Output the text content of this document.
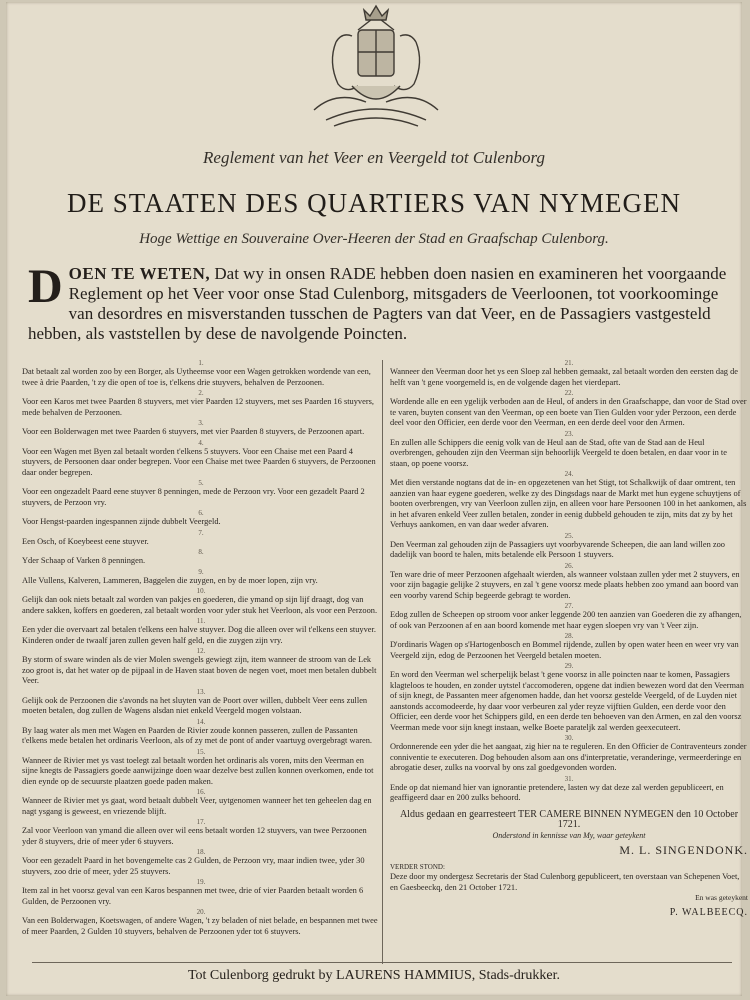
Reglement van het Veer en Veergeld tot Culenborg
DE STAATEN DES QUARTIERS VAN NYMEGEN
Hoge Wettige en Souveraine Over-Heeren der Stad en Graafschap Culenborg.
D OEN TE WETEN, Dat wy in onsen RADE hebben doen nasien en examineren het voorgaande Reglement op het Veer voor onse Stad Culenborg, mitsgaders de Veerloonen, tot voorkoominge van desordres en misverstanden tusschen de Pagters van dat Veer, en de Passagiers vastgesteld hebben, als vaststellen by dese de navolgende Poincten.
1.
Dat betaalt zal worden zoo by een Borger, als Uytheemse voor een Wagen getrokken wordende van een, twee à drie Paarden, 't zy die open of toe is, t'elkens drie stuyvers, behalven de Perzoonen.
2.
Voor een Karos met twee Paarden 8 stuyvers, met vier Paarden 12 stuyvers, met ses Paarden 16 stuyvers, mede behalven de Perzoonen.
3.
Voor een Bolderwagen met twee Paarden 6 stuyvers, met vier Paarden 8 stuyvers, de Perzoonen apart.
4.
Voor een Wagen met Byen zal betaalt worden t'elkens 5 stuyvers. Voor een Chaise met een Paard 4 stuyvers, de Persoonen daar onder begrepen. Voor een Chaise met twee Paarden 6 stuyvers, de Perzoonen daar onder begrepen.
5.
Voor een ongezadelt Paard eene stuyver 8 penningen, mede de Perzoon vry. Voor een gezadelt Paard 2 stuyvers, de Perzoon vry.
6.
Voor Hengst-paarden ingespannen zijnde dubbelt Veergeld.
7.
Een Osch, of Koeybeest eene stuyver.
8.
Yder Schaap of Varken 8 penningen.
9.
Alle Vullens, Kalveren, Lammeren, Baggelen die zuygen, en by de moer lopen, zijn vry.
10.
Gelijk dan ook niets betaalt zal worden van pakjes en goederen, die ymand op sijn lijf draagt, dog van andere sakken, koffers en goederen, zal betaalt worden voor yder stuk het Veerloon, als voor een Perzoon.
11.
Een yder die overvaart zal betalen t'elkens een halve stuyver. Dog die alleen over wil t'elkens een stuyver. Kinderen onder de twaalf jaren zullen geven half geld, en die zuygen zijn vry.
12.
By storm of sware winden als de vier Molen swengels gewiegt zijn, item wanneer de stroom van de Lek zoo groot is, dat het water op de pijpaal in de Haven staat boven de negen voet, moet men betalen dubbelt Veer.
13.
Gelijk ook de Perzoonen die s'avonds na het sluyten van de Poort over willen, dubbelt Veer eens zullen moeten betalen, dog zullen de Wagens alsdan niet enkeld Veergeld mogen volstaan.
14.
By laag water als men met Wagen en Paarden de Rivier zoude konnen passeren, zullen de Passanten t'elkens mede betalen het ordinaris Veerloon, als of zy met de pont of ander vaartuyg overgebragt waren.
15.
Wanneer de Rivier met ys vast toelegt zal betaalt worden het ordinaris als voren, mits den Veerman en sijne knegts de Passagiers goede aanwijzinge doen waar dezelve best zullen konnen overkomen, ende tot dien eynde op de secuurste plaatzen goede paden maken.
16.
Wanneer de Rivier met ys gaat, word betaalt dubbelt Veer, uytgenomen wanneer het ten geheelen dag en nagt ysgang is geweest, en vriezende blijft.
17.
Zal voor Veerloon van ymand die alleen over wil eens betaalt worden 12 stuyvers, van twee Perzoonen yder 8 stuyvers, drie of meer yder 6 stuyvers.
18.
Voor een gezadelt Paard in het bovengemelte cas 2 Gulden, de Perzoon vry, maar indien twee, yder 30 stuyvers, zoo drie of meer, yder 25 stuyvers.
19.
Item zal in het voorsz geval van een Karos bespannen met twee, drie of vier Paarden betaalt worden 6 Gulden, de Perzoonen vry.
20.
Van een Bolderwagen, Koetswagen, of andere Wagen, 't zy beladen of niet belade, en bespannen met twee of meer Paarden, 2 Gulden 10 stuyvers, behalven de Perzoonen yder tot 6 stuyvers.
21.
Wanneer den Veerman door het ys een Sloep zal hebben gemaakt, zal betaalt worden den eersten dag de helft van 't gene voorgemeld is, en de volgende dagen het vierdepart.
22.
Wordende alle en een ygelijk verboden aan de Heul, of anders in den Graafschappe, dan voor de Stad over te varen, buyten consent van den Veerman, op een boete van Tien Gulden voor yder Perzoon, een derde deel voor den Officier, een derde voor den Veerman, en een derde deel voor den Armen.
23.
En zullen alle Schippers die eenig volk van de Heul aan de Stad, ofte van de Stad aan de Heul overbrengen, gehouden zijn den Veerman sijn behoorlijk Veergeld te doen betalen, en daar voor in te staan, op poene voorsz.
24.
Met dien verstande nogtans dat de in- en opgezetenen van het Stigt, tot Schalkwijk of daar omtrent, ten aanzien van haar eygene goederen, welke zy des Dingsdags naar de Markt met hun eygene schuytjens of booten overbrengen, vry van Veerloon zullen zijn, en alleen voor hare Persoonen 100 in het aankomen, als in het afvaren enkeld Veer zullen betalen, zonder in eenig dubbeld gehouden te zijn, mits dat zy by het Verhuys aankomen, en van daar weder afvaren.
25.
Den Veerman zal gehouden zijn de Passagiers uyt voorbyvarende Scheepen, die aan land willen zoo dadelijk van boord te halen, mits betalende elk Persoon 1 stuyvers.
26.
Ten ware drie of meer Perzoonen afgehaalt wierden, als wanneer volstaan zullen yder met 2 stuyvers, en voor zijn bagagie gelijke 2 stuyvers, en zal 't gene voorsz mede plaats hebben zoo ymand aan boord van een voorby varend Schip begeerde gebragt te worden.
27.
Edog zullen de Scheepen op stroom voor anker leggende 200 ten aanzien van Goederen die zy afhangen, of ook van Perzoonen af en aan boord komende met haar eygen sloepen vry van 't Veer zijn.
28.
D'ordinaris Wagen op s'Hartogenbosch en Bommel rijdende, zullen by open water heen en weer vry van Veergeld zijn, edog de Perzoonen het Veergeld betalen moeten.
29.
En word den Veerman wel scherpelijk belast 't gene voorsz in alle poincten naar te komen, Passagiers klagteloos te houden, en zonder uytstel t'accomoderen, opgene dat indien bewezen word dat den Veerman of sijn knegt, de Passanten meer afgenomen hadde, dan het voorsz gestelde Veergeld, of de Luyden niet aanstonds accomodeerde, hy daar voor verbeuren zal yder reyze vijftien Gulden, een derde voor den Officier, een derde voor het Schippers gild, en een derde ten behoeven van den Armen, en zal den voorsz Veerman mede voor sijn knegt instaan, welke Boete parateljk zal werden geexecuteert.
30.
Ordonnerende een yder die het aangaat, zig hier na te reguleren. En den Officier de Contraventeurs zonder conniventie te executeren. Dog behouden alsom aan ons d'interpretatie, veranderinge, vermeerderinge en abrogatie deser, zulks na voorval by ons zal goedgevonden worden.
31.
Ende op dat niemand hier van ignorantie pretendere, lasten wy dat deze zal werden gepubliceert, en geaffigeerd daar en 200 zulks behoord.
Aldus gedaan en gearresteert TER CAMERE BINNEN NYMEGEN den 10 October 1721.
Onderstond in kennisse van My, waar geteykent
M. L. SINGENDONK.
VERDER STOND:
Deze door my ondergesz Secretaris der Stad Culenborg gepubliceert, ten overstaan van Schepenen Voet, en Gaesbeeckq, den 21 October 1721.
En was geteykent
P. WALBEECQ.
Tot Culenborg gedrukt by LAURENS HAMMIUS, Stads-drukker.
